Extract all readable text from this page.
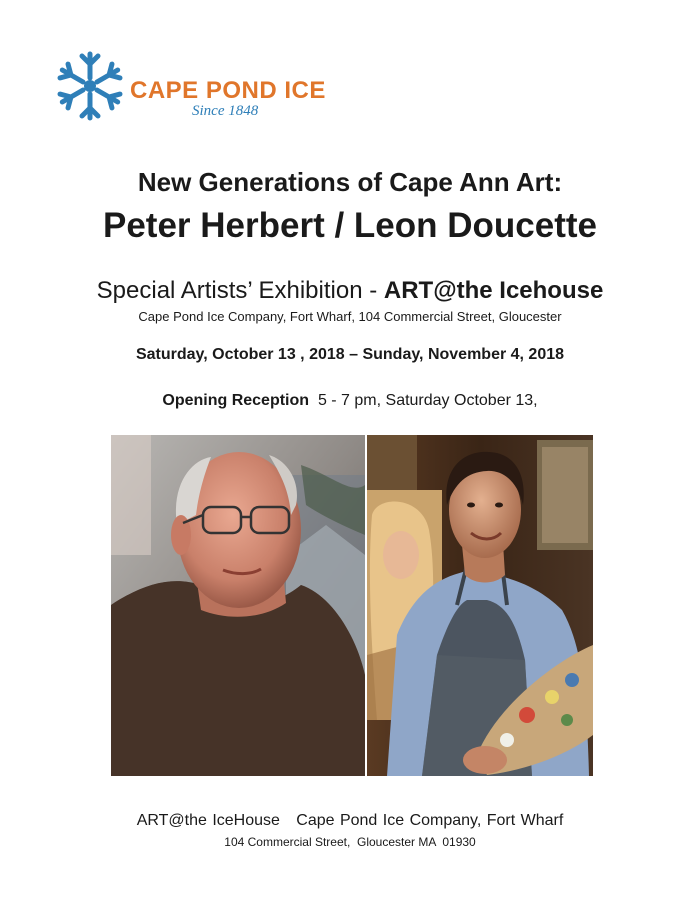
CAPE POND ICE
Since 1848
New Generations of Cape Ann Art:
Peter Herbert / Leon Doucette
Special Artists’ Exhibition - ART@the Icehouse
Cape Pond Ice Company, Fort Wharf, 104 Commercial Street, Gloucester
Saturday, October 13 , 2018 – Sunday, November 4, 2018
Opening Reception 5 - 7 pm, Saturday October 13,
ART@the IceHouse Cape Pond Ice Company, Fort Wharf
104 Commercial Street,  Gloucester MA  01930
